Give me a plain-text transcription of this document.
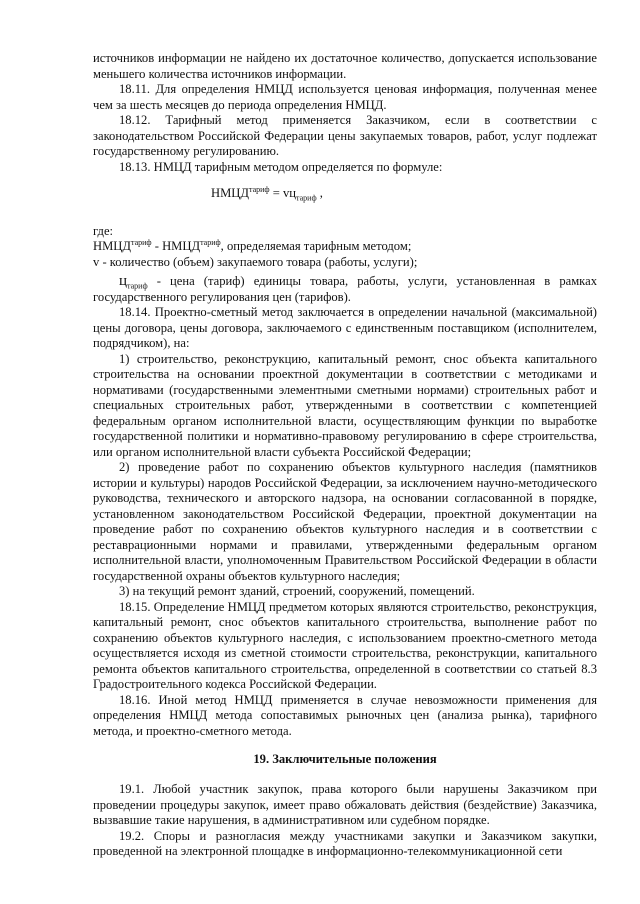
источников информации не найдено их достаточное количество, допускается использование меньшего количества источников информации.

18.11. Для определения НМЦД используется ценовая информация, полученная менее чем за шесть месяцев до периода определения НМЦД.

18.12. Тарифный метод применяется Заказчиком, если в соответствии с законодательством Российской Федерации цены закупаемых товаров, работ, услуг подлежат государственному регулированию.

18.13. НМЦД тарифным методом определяется по формуле:

$НМЦД^{тариф} = vц_{тариф}$ ,

где:

$НМЦД^{тариф}$ - $НМЦД^{тариф}$, определяемая тарифным методом;

v - количество (объем) закупаемого товара (работы, услуги);

$ц_{тариф}$ - цена (тариф) единицы товара, работы, услуги, установленная в рамках государственного регулирования цен (тарифов).

18.14. Проектно-сметный метод заключается в определении начальной (максимальной) цены договора, цены договора, заключаемого с единственным поставщиком (исполнителем, подрядчиком), на:

1) строительство, реконструкцию, капитальный ремонт, снос объекта капитального строительства на основании проектной документации в соответствии с методиками и нормативами (государственными элементными сметными нормами) строительных работ и специальных строительных работ, утвержденными в соответствии с компетенцией федеральным органом исполнительной власти, осуществляющим функции по выработке государственной политики и нормативно-правовому регулированию в сфере строительства, или органом исполнительной власти субъекта Российской Федерации;

2) проведение работ по сохранению объектов культурного наследия (памятников истории и культуры) народов Российской Федерации, за исключением научно-методического руководства, технического и авторского надзора, на основании согласованной в порядке, установленном законодательством Российской Федерации, проектной документации на проведение работ по сохранению объектов культурного наследия и в соответствии с реставрационными нормами и правилами, утвержденными федеральным органом исполнительной власти, уполномоченным Правительством Российской Федерации в области государственной охраны объектов культурного наследия;

3) на текущий ремонт зданий, строений, сооружений, помещений.

18.15. Определение НМЦД предметом которых являются строительство, реконструкция, капитальный ремонт, снос объектов капитального строительства, выполнение работ по сохранению объектов культурного наследия, с использованием проектно-сметного метода осуществляется исходя из сметной стоимости строительства, реконструкции, капитального ремонта объектов капитального строительства, определенной в соответствии со статьей 8.3 Градостроительного кодекса Российской Федерации.

18.16. Иной метод НМЦД применяется в случае невозможности применения для определения НМЦД метода сопоставимых рыночных цен (анализа рынка), тарифного метода, и проектно-сметного метода.

19. Заключительные положения

19.1. Любой участник закупок, права которого были нарушены Заказчиком при проведении процедуры закупок, имеет право обжаловать действия (бездействие) Заказчика, вызвавшие такие нарушения, в административном или судебном порядке.

19.2. Споры и разногласия между участниками закупки и Заказчиком закупки, проведенной на электронной площадке в информационно-телекоммуникационной сети
